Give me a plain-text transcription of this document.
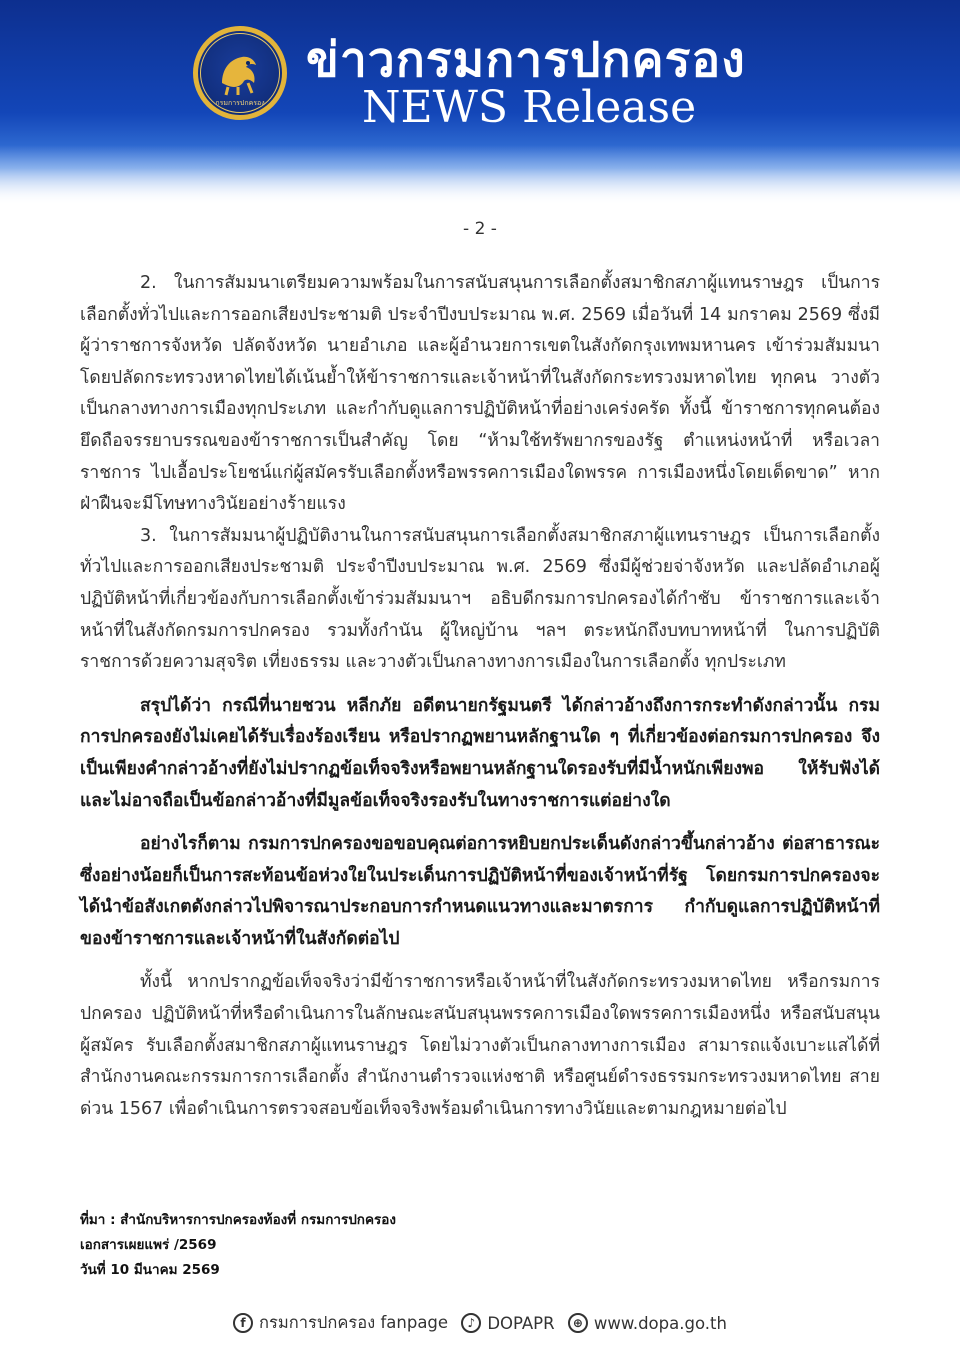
กรมการปกครอง
ข่าวกรมการปกครอง
NEWS Release
- 2 -

2. ในการสัมมนาเตรียมความพร้อมในการสนับสนุนการเลือกตั้งสมาชิกสภาผู้แทนราษฎร เป็นการเลือกตั้งทั่วไปและการออกเสียงประชามติ ประจำปีงบประมาณ พ.ศ. 2569 เมื่อวันที่ 14 มกราคม 2569 ซึ่งมีผู้ว่าราชการจังหวัด ปลัดจังหวัด นายอำเภอ และผู้อำนวยการเขตในสังกัดกรุงเทพมหานคร เข้าร่วมสัมมนาโดยปลัดกระทรวงหาดไทยได้เน้นย้ำให้ข้าราชการและเจ้าหน้าที่ในสังกัดกระทรวงมหาดไทย ทุกคน วางตัวเป็นกลางทางการเมืองทุกประเภท และกำกับดูแลการปฏิบัติหน้าที่อย่างเคร่งครัด ทั้งนี้ ข้าราชการทุกคนต้องยึดถือจรรยาบรรณของข้าราชการเป็นสำคัญ โดย “ห้ามใช้ทรัพยากรของรัฐ ตำแหน่งหน้าที่ หรือเวลาราชการ ไปเอื้อประโยชน์แก่ผู้สมัครรับเลือกตั้งหรือพรรคการเมืองใดพรรค การเมืองหนึ่งโดยเด็ดขาด” หากฝ่าฝืนจะมีโทษทางวินัยอย่างร้ายแรง

3. ในการสัมมนาผู้ปฏิบัติงานในการสนับสนุนการเลือกตั้งสมาชิกสภาผู้แทนราษฎร เป็นการเลือกตั้ง ทั่วไปและการออกเสียงประชามติ ประจำปีงบประมาณ พ.ศ. 2569 ซึ่งมีผู้ช่วยจ่าจังหวัด และปลัดอำเภอผู้ปฏิบัติหน้าที่เกี่ยวข้องกับการเลือกตั้งเข้าร่วมสัมมนาฯ อธิบดีกรมการปกครองได้กำชับ ข้าราชการและเจ้าหน้าที่ในสังกัดกรมการปกครอง รวมทั้งกำนัน ผู้ใหญ่บ้าน ฯลฯ ตระหนักถึงบทบาทหน้าที่ ในการปฏิบัติราชการด้วยความสุจริต เที่ยงธรรม และวางตัวเป็นกลางทางการเมืองในการเลือกตั้ง ทุกประเภท

สรุปได้ว่า กรณีที่นายชวน หลีกภัย อดีตนายกรัฐมนตรี ได้กล่าวอ้างถึงการกระทำดังกล่าวนั้น กรมการปกครองยังไม่เคยได้รับเรื่องร้องเรียน หรือปรากฏพยานหลักฐานใด ๆ ที่เกี่ยวข้องต่อกรมการปกครอง จึงเป็นเพียงคำกล่าวอ้างที่ยังไม่ปรากฏข้อเท็จจริงหรือพยานหลักฐานใดรองรับที่มีน้ำหนักเพียงพอ ให้รับฟังได้ และไม่อาจถือเป็นข้อกล่าวอ้างที่มีมูลข้อเท็จจริงรองรับในทางราชการแต่อย่างใด

อย่างไรก็ตาม กรมการปกครองขอขอบคุณต่อการหยิบยกประเด็นดังกล่าวขึ้นกล่าวอ้าง ต่อสาธารณะ ซึ่งอย่างน้อยก็เป็นการสะท้อนข้อห่วงใยในประเด็นการปฏิบัติหน้าที่ของเจ้าหน้าที่รัฐ โดยกรมการปกครองจะได้นำข้อสังเกตดังกล่าวไปพิจารณาประกอบการกำหนดแนวทางและมาตรการ กำกับดูแลการปฏิบัติหน้าที่ของข้าราชการและเจ้าหน้าที่ในสังกัดต่อไป

ทั้งนี้ หากปรากฏข้อเท็จจริงว่ามีข้าราชการหรือเจ้าหน้าที่ในสังกัดกระทรวงมหาดไทย หรือกรมการปกครอง ปฏิบัติหน้าที่หรือดำเนินการในลักษณะสนับสนุนพรรคการเมืองใดพรรคการเมืองหนึ่ง หรือสนับสนุนผู้สมัคร รับเลือกตั้งสมาชิกสภาผู้แทนราษฎร โดยไม่วางตัวเป็นกลางทางการเมือง สามารถแจ้งเบาะแสได้ที่ สำนักงานคณะกรรมการการเลือกตั้ง สำนักงานตำรวจแห่งชาติ หรือศูนย์ดำรงธรรมกระทรวงมหาดไทย สายด่วน 1567 เพื่อดำเนินการตรวจสอบข้อเท็จจริงพร้อมดำเนินการทางวินัยและตามกฎหมายต่อไป

ที่มา : สำนักบริหารการปกครองท้องที่ กรมการปกครอง
เอกสารเผยแพร่ /2569
วันที่ 10 มีนาคม 2569
f กรมการปกครอง fanpage
	♪ DOPAPR
	⊕ www.dopa.go.th
